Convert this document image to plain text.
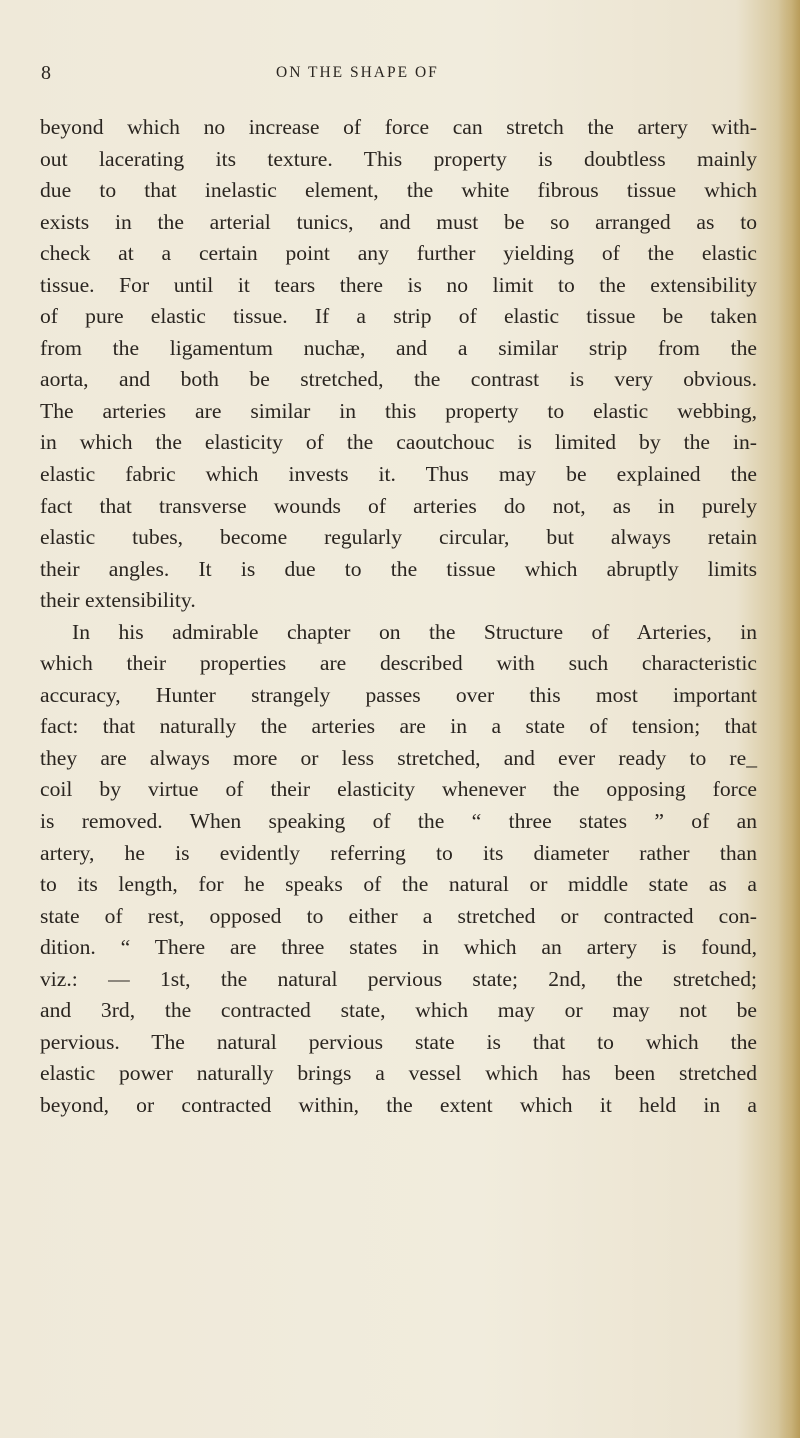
8	ON THE SHAPE OF
beyond which no increase of force can stretch the artery with-
out lacerating its texture. This property is doubtless mainly
due to that inelastic element, the white fibrous tissue which
exists in the arterial tunics, and must be so arranged as to
check at a certain point any further yielding of the elastic
tissue. For until it tears there is no limit to the extensibility
of pure elastic tissue. If a strip of elastic tissue be taken
from the ligamentum nuchæ, and a similar strip from the
aorta, and both be stretched, the contrast is very obvious.
The arteries are similar in this property to elastic webbing,
in which the elasticity of the caoutchouc is limited by the in-
elastic fabric which invests it. Thus may be explained the
fact that transverse wounds of arteries do not, as in purely
elastic tubes, become regularly circular, but always retain
their angles. It is due to the tissue which abruptly limits
their extensibility.
In his admirable chapter on the Structure of Arteries, in
which their properties are described with such characteristic
accuracy, Hunter strangely passes over this most important
fact: that naturally the arteries are in a state of tension; that
they are always more or less stretched, and ever ready to re_
coil by virtue of their elasticity whenever the opposing force
is removed. When speaking of the “ three states ” of an
artery, he is evidently referring to its diameter rather than
to its length, for he speaks of the natural or middle state as a
state of rest, opposed to either a stretched or contracted con-
dition. “ There are three states in which an artery is found,
viz.: — 1st, the natural pervious state; 2nd, the stretched;
and 3rd, the contracted state, which may or may not be
pervious. The natural pervious state is that to which the
elastic power naturally brings a vessel which has been stretched
beyond, or contracted within, the extent which it held in a
